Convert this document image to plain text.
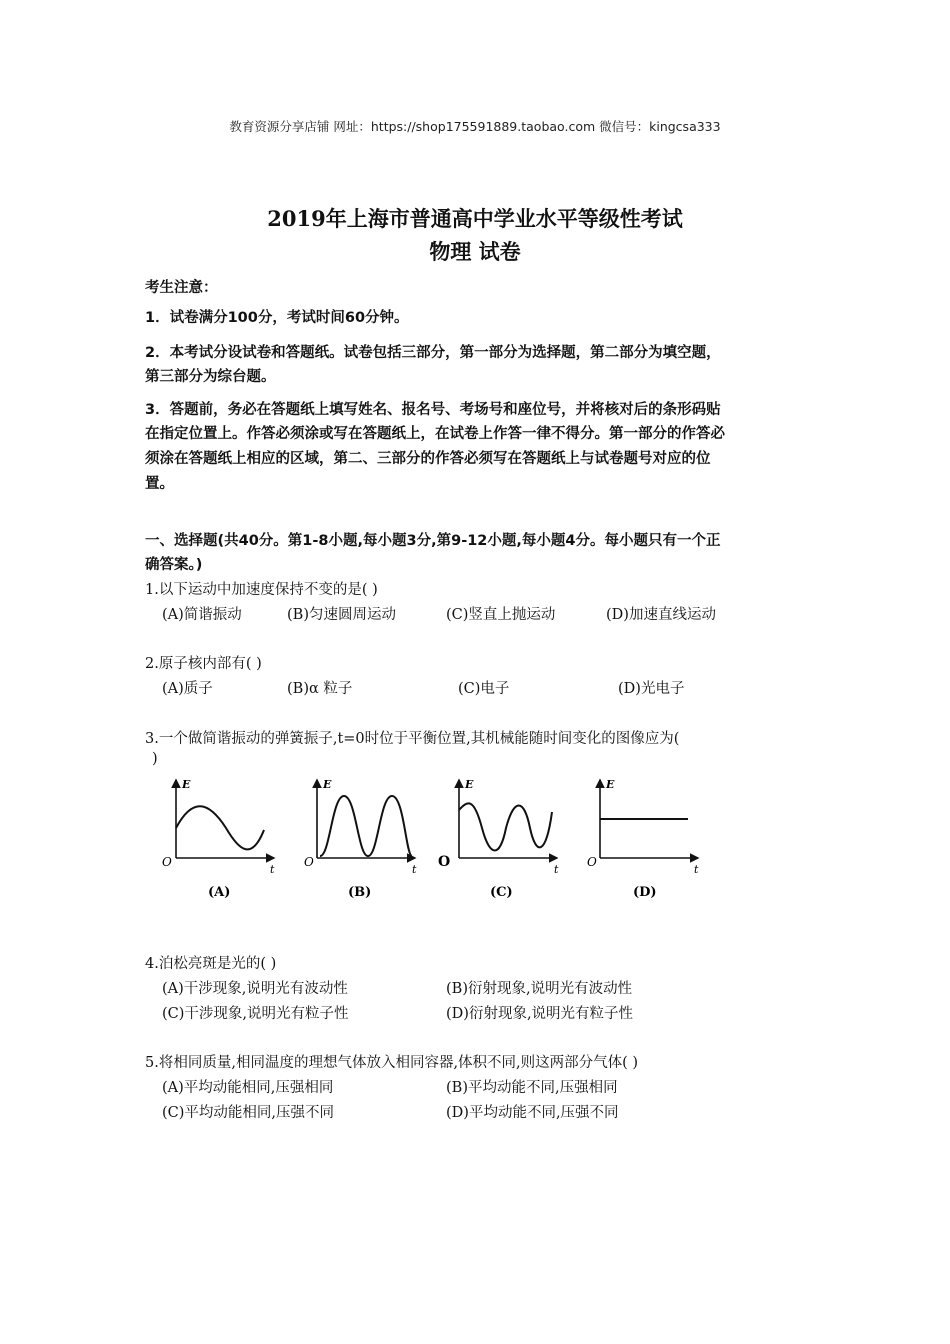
教育资源分享店铺 网址：https://shop175591889.taobao.com 微信号：kingcsa333
2019年上海市普通高中学业水平等级性考试
物理 试卷
考生注意：
1．试卷满分100分，考试时间60分钟。
2．本考试分设试卷和答题纸。试卷包括三部分，第一部分为选择题，第二部分为填空题，
第三部分为综台题。
3．答题前，务必在答题纸上填写姓名、报名号、考场号和座位号，并将核对后的条形码贴
在指定位置上。作答必须涂或写在答题纸上，在试卷上作答一律不得分。第一部分的作答必
须涂在答题纸上相应的区域，第二、三部分的作答必须写在答题纸上与试卷题号对应的位
置。
一、选择题(共40分。第1-8小题,每小题3分,第9-12小题,每小题4分。每小题只有一个正
确答案。)
1.以下运动中加速度保持不变的是( )
(A)简谐振动	(B)匀速圆周运动	(C)竖直上抛运动	(D)加速直线运动
2.原子核内部有( )
(A)质子	(B)α 粒子	(C)电子	(D)光电子
3.一个做简谐振动的弹簧振子,t=0时位于平衡位置,其机械能随时间变化的图像应为(
)
E
O
t
(A)
E
O
t
(B)
E
O	t
(C)
E
O
t
(D)
4.泊松亮斑是光的( )
(A)干涉现象,说明光有波动性	(B)衍射现象,说明光有波动性
(C)干涉现象,说明光有粒子性	(D)衍射现象,说明光有粒子性
5.将相同质量,相同温度的理想气体放入相同容器,体积不同,则这两部分气体( )
(A)平均动能相同,压强相同	(B)平均动能不同,压强相同
(C)平均动能相同,压强不同	(D)平均动能不同,压强不同
